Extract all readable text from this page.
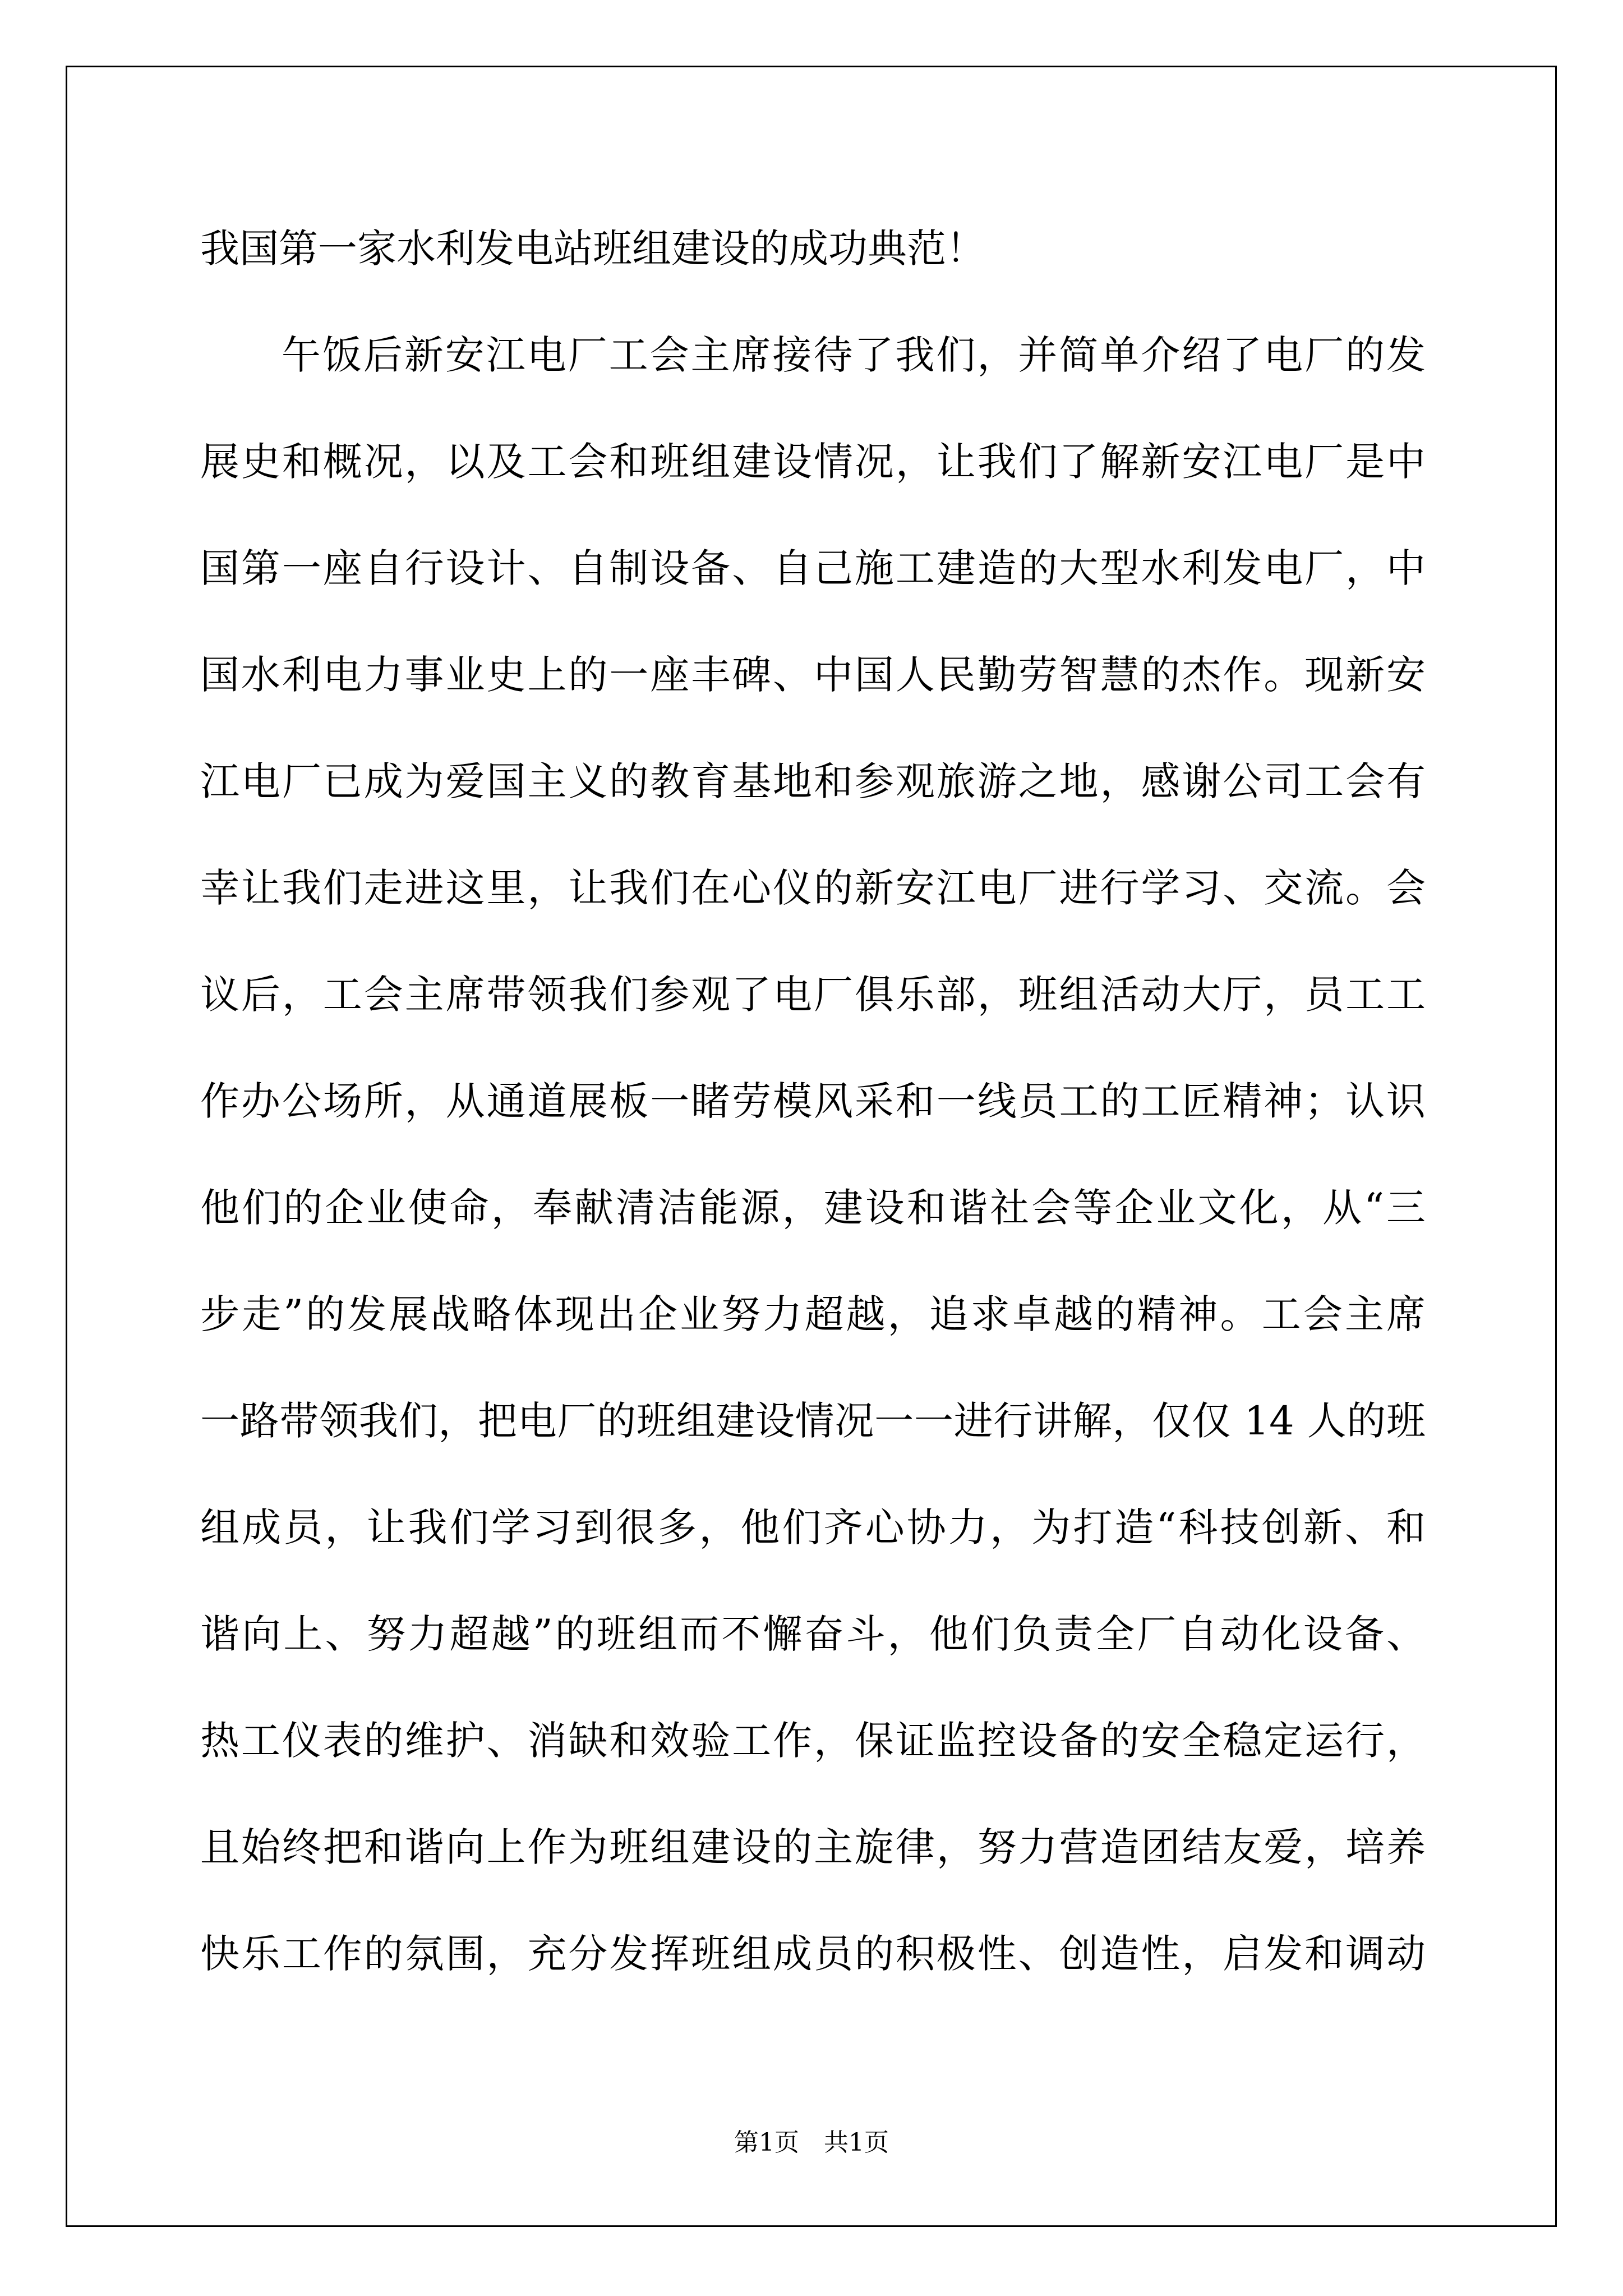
我国第一家水利发电站班组建设的成功典范！
午饭后新安江电厂工会主席接待了我们，并简单介绍了电厂的发
展史和概况，以及工会和班组建设情况，让我们了解新安江电厂是中
国第一座自行设计、自制设备、自己施工建造的大型水利发电厂，中
国水利电力事业史上的一座丰碑、中国人民勤劳智慧的杰作。现新安
江电厂已成为爱国主义的教育基地和参观旅游之地，感谢公司工会有
幸让我们走进这里，让我们在心仪的新安江电厂进行学习、交流。会
议后，工会主席带领我们参观了电厂俱乐部，班组活动大厅，员工工
作办公场所，从通道展板一睹劳模风采和一线员工的工匠精神；认识
他们的企业使命，奉献清洁能源，建设和谐社会等企业文化，从“三
步走”的发展战略体现出企业努力超越，追求卓越的精神。工会主席
一路带领我们，把电厂的班组建设情况一一进行讲解，仅仅 14 人的班
组成员，让我们学习到很多，他们齐心协力，为打造“科技创新、和
谐向上、努力超越”的班组而不懈奋斗，他们负责全厂自动化设备、
热工仪表的维护、消缺和效验工作，保证监控设备的安全稳定运行，
且始终把和谐向上作为班组建设的主旋律，努力营造团结友爱，培养
快乐工作的氛围，充分发挥班组成员的积极性、创造性，启发和调动
第1页　共1页
